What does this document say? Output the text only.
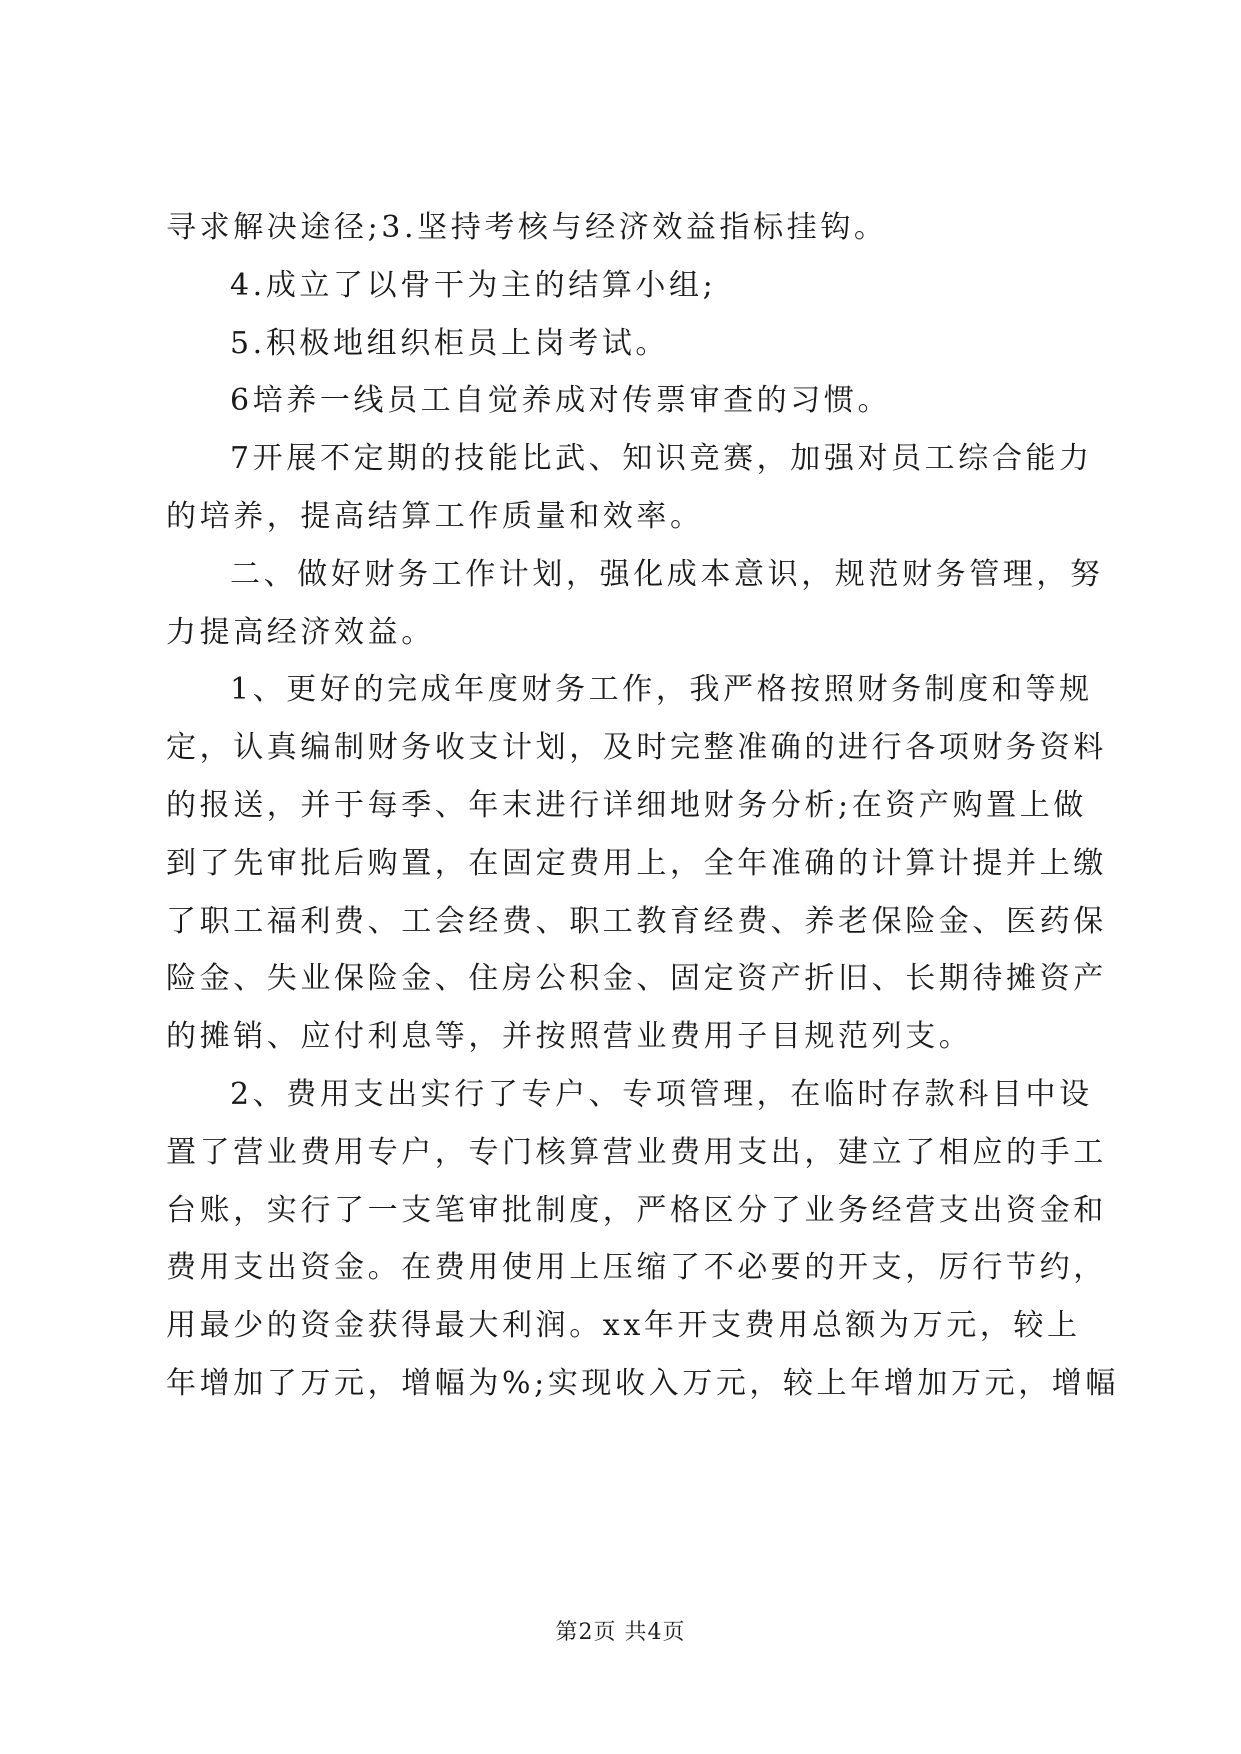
寻求解决途径;3.坚持考核与经济效益指标挂钩。
4.成立了以骨干为主的结算小组;
5.积极地组织柜员上岗考试。
6培养一线员工自觉养成对传票审查的习惯。
7开展不定期的技能比武、知识竞赛，加强对员工综合能力
的培养，提高结算工作质量和效率。
二、做好财务工作计划，强化成本意识，规范财务管理，努
力提高经济效益。
1、更好的完成年度财务工作，我严格按照财务制度和等规
定，认真编制财务收支计划，及时完整准确的进行各项财务资料
的报送，并于每季、年末进行详细地财务分析;在资产购置上做
到了先审批后购置，在固定费用上，全年准确的计算计提并上缴
了职工福利费、工会经费、职工教育经费、养老保险金、医药保
险金、失业保险金、住房公积金、固定资产折旧、长期待摊资产
的摊销、应付利息等，并按照营业费用子目规范列支。
2、费用支出实行了专户、专项管理，在临时存款科目中设
置了营业费用专户，专门核算营业费用支出，建立了相应的手工
台账，实行了一支笔审批制度，严格区分了业务经营支出资金和
费用支出资金。在费用使用上压缩了不必要的开支，厉行节约，
用最少的资金获得最大利润。xx年开支费用总额为万元，较上
年增加了万元，增幅为%;实现收入万元，较上年增加万元，增幅
第2页 共4页
